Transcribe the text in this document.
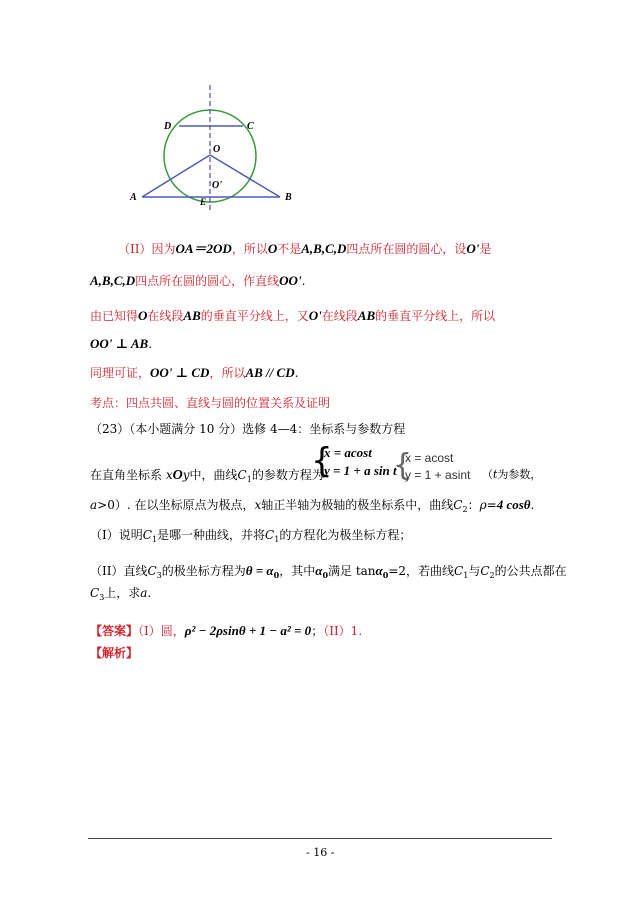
D	C
O
O'
A	E	B
（II）因为OA＝2OD，所以O不是A,B,C,D四点所在圆的圆心，设O'是
A,B,C,D四点所在圆的圆心，作直线OO'.
由已知得O在线段AB的垂直平分线上，又O'在线段AB的垂直平分线上，所以
OO' ⊥ AB.
同理可证，OO' ⊥ CD，所以AB // CD.
考点：四点共圆、直线与圆的位置关系及证明
（23）（本小题满分 10 分）选修 4—4：坐标系与参数方程
在直角坐标系 xOy中，曲线$C_1$的参数方程为
{
x = acost
y = 1 + a sin t
{
x = acost
y = 1 + asint （t为参数，
a>0）. 在以坐标原点为极点，x轴正半轴为极轴的极坐标系中，曲线$C_2$：ρ=4 cosθ.
（I）说明$C_1$是哪一种曲线，并将$C_1$的方程化为极坐标方程；
（II）直线$C_3$的极坐标方程为$\theta = \alpha_0$，其中$\alpha_0$满足 tanα$_0$=2，若曲线$C_1$与$C_2$的公共点都在
$C_3$上，求a.
【答案】（I）圆，ρ² − 2ρsinθ + 1 − a² = 0；（II）1.
【解析】
- 16 -
